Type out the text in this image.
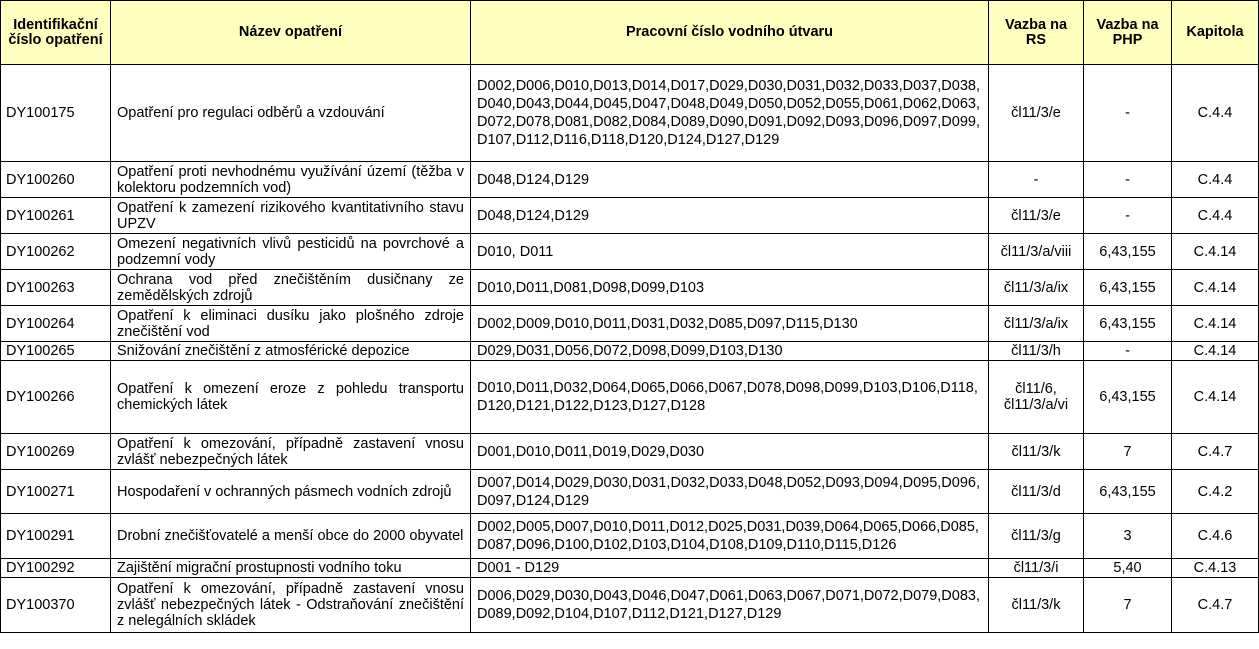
Identifikační číslo opatření	Název opatření	Pracovní číslo vodního útvaru	Vazba na RS	Vazba na PHP	Kapitola
DY100175	Opatření pro regulaci odběrů a vzdouvání	D002,​D006,​D010,​D013,​D014,​D017,​D029,​D030,​D031,​D032,​D033,​D037,​D038,​D040,​D043,​D044,​D045,​D047,​D048,​D049,​D050,​D052,​D055,​D061,​D062,​D063,​D072,​D078,​D081,​D082,​D084,​D089,​D090,​D091,​D092,​D093,​D096,​D097,​D099,​D107,​D112,​D116,​D118,​D120,​D124,​D127,​D129	čl11/3/e	-	C.4.4
DY100260	Opatření proti nevhodnému využívání území (těžba v kolektoru podzemních vod)	D048,​D124,​D129	-	-	C.4.4
DY100261	Opatření k zamezení rizikového kvantitativního stavu UPZV	D048,​D124,​D129	čl11/3/e	-	C.4.4
DY100262	Omezení negativních vlivů pesticidů na povrchové a podzemní vody	D010, D011	čl11/3/a/viii	6,43,155	C.4.14
DY100263	Ochrana vod před znečištěním dusičnany ze zemědělských zdrojů	D010,​D011,​D081,​D098,​D099,​D103	čl11/3/a/ix	6,43,155	C.4.14
DY100264	Opatření k eliminaci dusíku jako plošného zdroje znečištění vod	D002,​D009,​D010,​D011,​D031,​D032,​D085,​D097,​D115,​D130	čl11/3/a/ix	6,43,155	C.4.14
DY100265	Snižování znečištění z atmosférické depozice	D029,​D031,​D056,​D072,​D098,​D099,​D103,​D130	čl11/3/h	-	C.4.14
DY100266	Opatření k omezení eroze z pohledu transportu chemických látek	D010,​D011,​D032,​D064,​D065,​D066,​D067,​D078,​D098,​D099,​D103,​D106,​D118,​D120,​D121,​D122,​D123,​D127,​D128	čl11/6, čl11/3/a/vi	6,43,155	C.4.14
DY100269	Opatření k omezování, případně zastavení vnosu zvlášť nebezpečných látek	D001,​D010,​D011,​D019,​D029,​D030	čl11/3/k	7	C.4.7
DY100271	Hospodaření v ochranných pásmech vodních zdrojů	D007,​D014,​D029,​D030,​D031,​D032,​D033,​D048,​D052,​D093,​D094,​D095,​D096,​D097,​D124,​D129	čl11/3/d	6,43,155	C.4.2
DY100291	Drobní znečišťovatelé a menší obce do 2000 obyvatel	D002,​D005,​D007,​D010,​D011,​D012,​D025,​D031,​D039,​D064,​D065,​D066,​D085,​D087,​D096,​D100,​D102,​D103,​D104,​D108,​D109,​D110,​D115,​D126	čl11/3/g	3	C.4.6
DY100292	Zajištění migrační prostupnosti vodního toku	D001 - D129	čl11/3/i	5,40	C.4.13
DY100370	Opatření k omezování, případně zastavení vnosu zvlášť nebezpečných látek - Odstraňování znečištění z nelegálních skládek	D006,​D029,​D030,​D043,​D046,​D047,​D061,​D063,​D067,​D071,​D072,​D079,​D083,​D089,​D092,​D104,​D107,​D112,​D121,​D127,​D129	čl11/3/k	7	C.4.7
